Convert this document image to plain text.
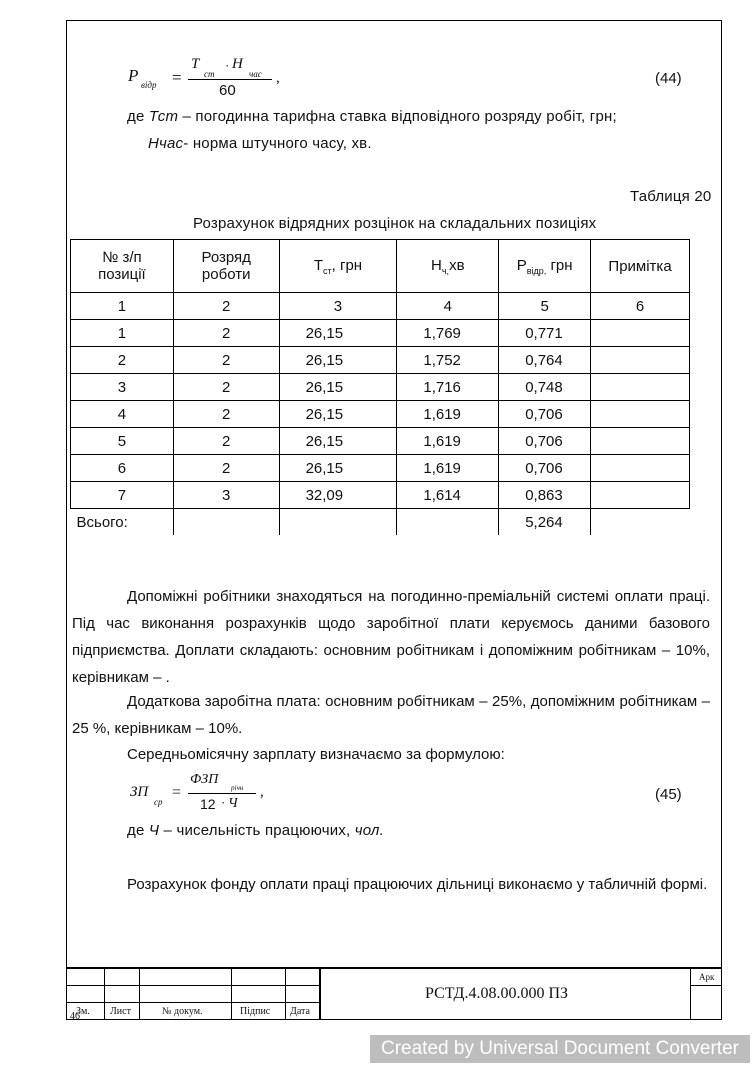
P відр =
T
ст
· H
час
60
,	(44)
де Тст – погодинна тарифна ставка відповідного розряду робіт, грн;
Нчас- норма штучного часу, хв.
Таблиця 20
Розрахунок відрядних розцінок на складальних позиціях
№ з/п
позиції	Розряд
роботи	$Т_{ст}$, грн	$Н_{ч,}хв$	$Р_{відр,}$ грн	Примітка
1	2	3	4	5	6
1	2	26,15	1,769	0,771	
2	2	26,15	1,752	0,764	
3	2	26,15	1,716	0,748	
4	2	26,15	1,619	0,706	
5	2	26,15	1,619	0,706	
6	2	26,15	1,619	0,706	
7	3	32,09	1,614	0,863	
Всього:				5,264	
Допоміжні робітники знаходяться на погодинно-преміальній системі оплати праці. Під час виконання розрахунків щодо заробітної плати керуємось даними базового підприємства. Доплати складають: основним робітникам і допоміжним робітникам – 10%, керівникам – .
Додаткова заробітна плата: основним робітникам – 25%, допоміжним робітникам – 25 %, керівникам – 10%.
Середньомісячну зарплату визначаємо за формулою:
ЗП
ср
=
ФЗП
річн
12 · Ч
,	(45)
де Ч – чисельність працюючих, чол.
Розрахунок фонду оплати праці працюючих дільниці виконаємо у табличній формі.
РСТД.4.08.00.000 ПЗ
Арк
46
Зм. Лист	№ докум.	Підпис Дата
Created by Universal Document Converter
